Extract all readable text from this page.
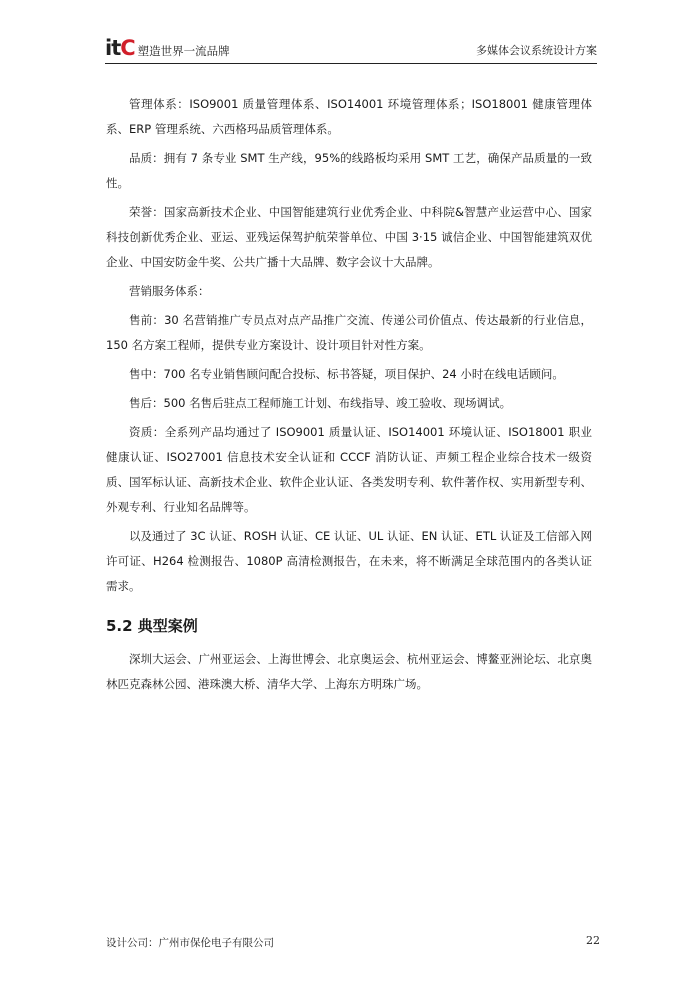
itC 塑造世界一流品牌	多媒体会议系统设计方案

管理体系：ISO9001 质量管理体系、ISO14001 环境管理体系；ISO18001 健康管理体系、ERP 管理系统、六西格玛品质管理体系。

品质：拥有 7 条专业 SMT 生产线，95%的线路板均采用 SMT 工艺，确保产品质量的一致性。

荣誉：国家高新技术企业、中国智能建筑行业优秀企业、中科院&智慧产业运营中心、国家科技创新优秀企业、亚运、亚残运保驾护航荣誉单位、中国 3·15 诚信企业、中国智能建筑双优企业、中国安防金牛奖、公共广播十大品牌、数字会议十大品牌。

营销服务体系：

售前：30 名营销推广专员点对点产品推广交流、传递公司价值点、传达最新的行业信息，150 名方案工程师，提供专业方案设计、设计项目针对性方案。

售中：700 名专业销售顾问配合投标、标书答疑，项目保护、24 小时在线电话顾问。

售后：500 名售后驻点工程师施工计划、布线指导、竣工验收、现场调试。

资质：全系列产品均通过了 ISO9001 质量认证、ISO14001 环境认证、ISO18001 职业健康认证、ISO27001 信息技术安全认证和 CCCF 消防认证、声频工程企业综合技术一级资质、国军标认证、高新技术企业、软件企业认证、各类发明专利、软件著作权、实用新型专利、外观专利、行业知名品牌等。

以及通过了 3C 认证、ROSH 认证、CE 认证、UL 认证、EN 认证、ETL 认证及工信部入网许可证、H264 检测报告、1080P 高清检测报告，在未来，将不断满足全球范围内的各类认证需求。

5.2 典型案例

深圳大运会、广州亚运会、上海世博会、北京奥运会、杭州亚运会、博鳌亚洲论坛、北京奥林匹克森林公园、港珠澳大桥、清华大学、上海东方明珠广场。

设计公司：广州市保伦电子有限公司	22
